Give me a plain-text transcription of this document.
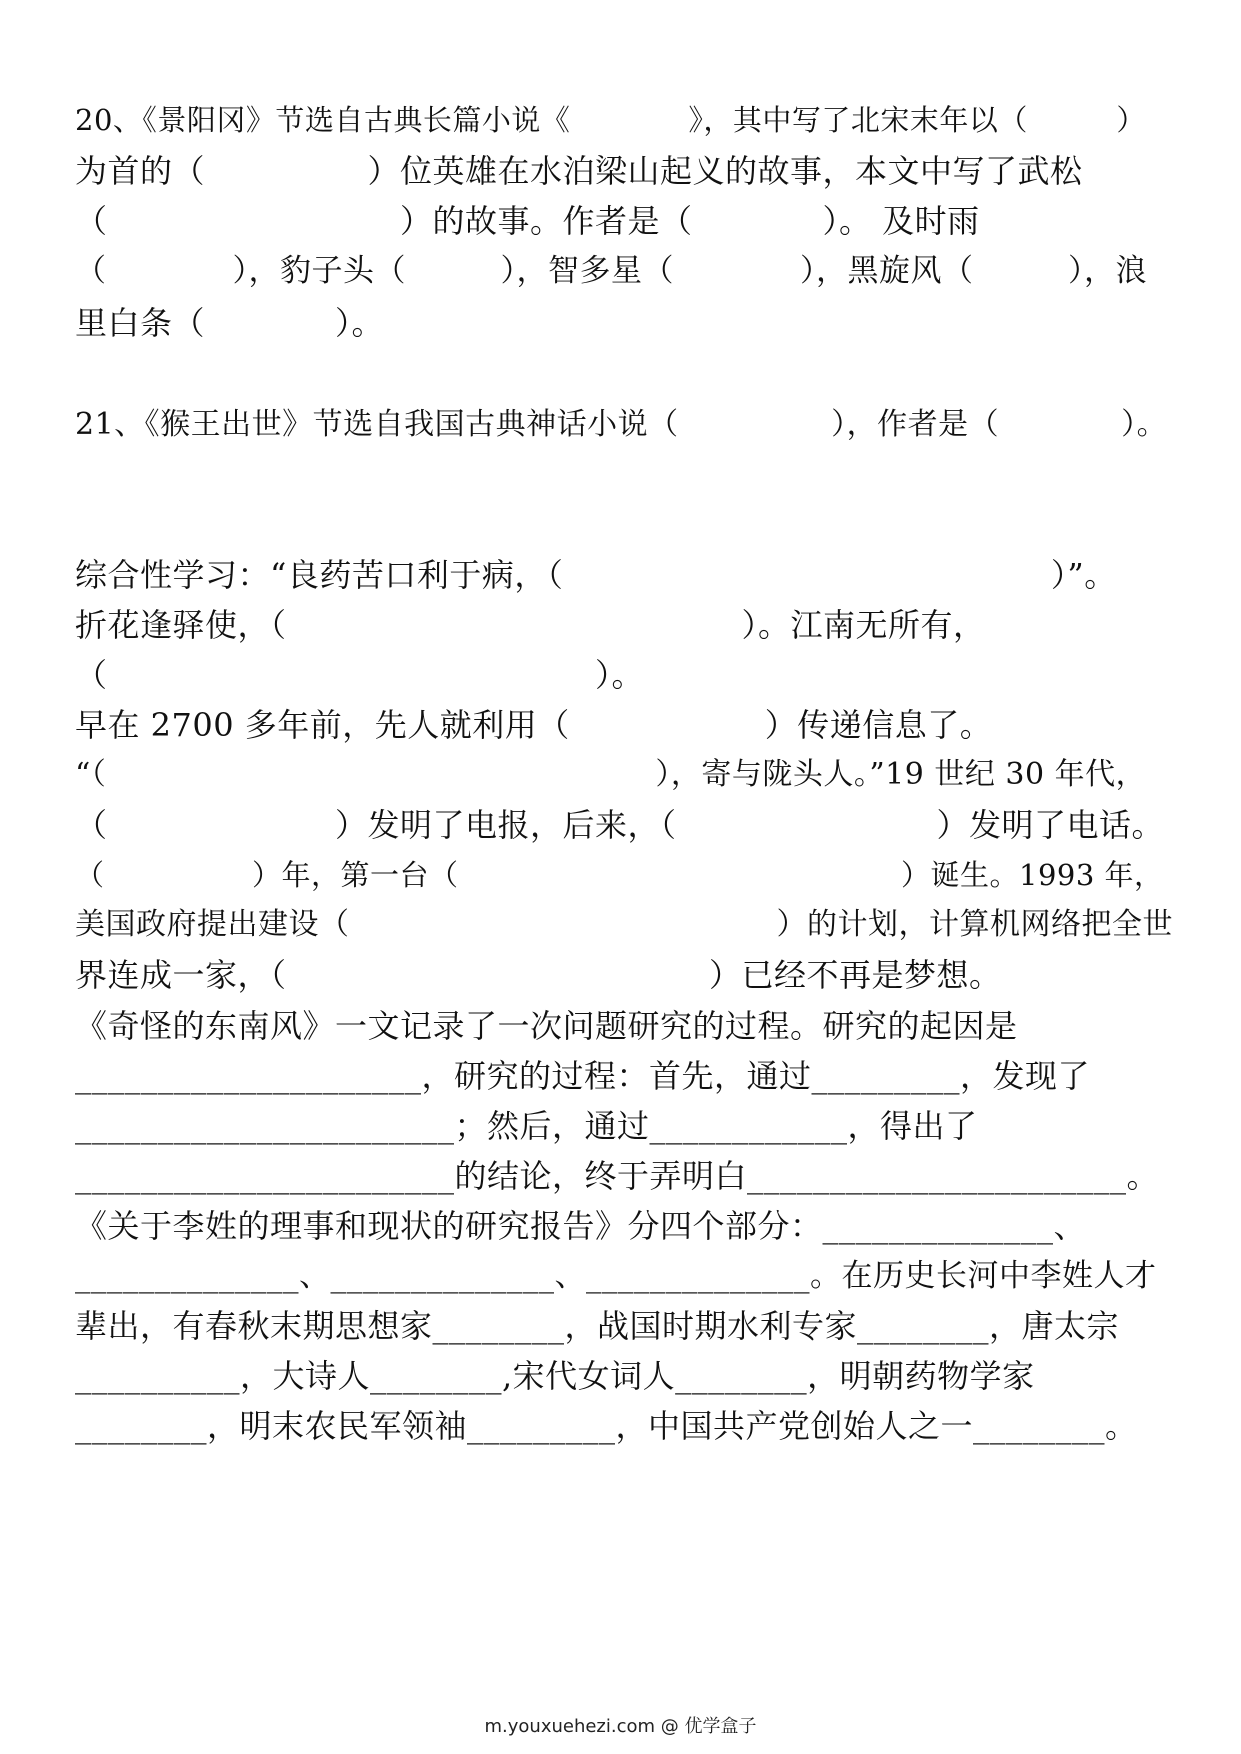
20、《景阳冈》节选自古典长篇小说《　　　　》，其中写了北宋末年以（　　　）
为首的（　　　　　）位英雄在水泊梁山起义的故事，本文中写了武松
（　　　　　　　　　）的故事。作者是（　　　　）。 及时雨
（　　　　），豹子头（　　　），智多星（　　　　），黑旋风（　　　），浪
里白条（　　　　）。
21、《猴王出世》节选自我国古典神话小说（　　　　　），作者是（　　　　）。
综合性学习：“良药苦口利于病，（　　　　　　　　　　　　　　　）”。
折花逢驿使，（　　　　　　　　　　　　　　）。江南无所有，
（　　　　　　　　　　　　　　　）。
早在 2700 多年前，先人就利用（　　　　　　）传递信息了。
“（　　　　　　　　　　　　　　　　　　），寄与陇头人。”19 世纪 30 年代，
（　　　　　　　）发明了电报，后来，（　　　　　　　　）发明了电话。
（　　　　　）年，第一台（　　　　　　　　　　　　　　　）诞生。1993 年，
美国政府提出建设（　　　　　　　　　　　　　　）的计划，计算机网络把全世
界连成一家，（　　　　　　　　　　　　　）已经不再是梦想。
《奇怪的东南风》一文记录了一次问题研究的过程。研究的起因是
_____________________，研究的过程：首先，通过_________，发现了
_______________________；然后，通过____________，得出了
_______________________的结论，终于弄明白_______________________。
《关于李姓的理事和现状的研究报告》分四个部分：______________、
______________、______________、______________。在历史长河中李姓人才
辈出，有春秋末期思想家________，战国时期水利专家________，唐太宗
__________，大诗人________,宋代女词人________，明朝药物学家
________，明末农民军领袖_________，中国共产党创始人之一________。
m.youxuehezi.com @ 优学盒子
